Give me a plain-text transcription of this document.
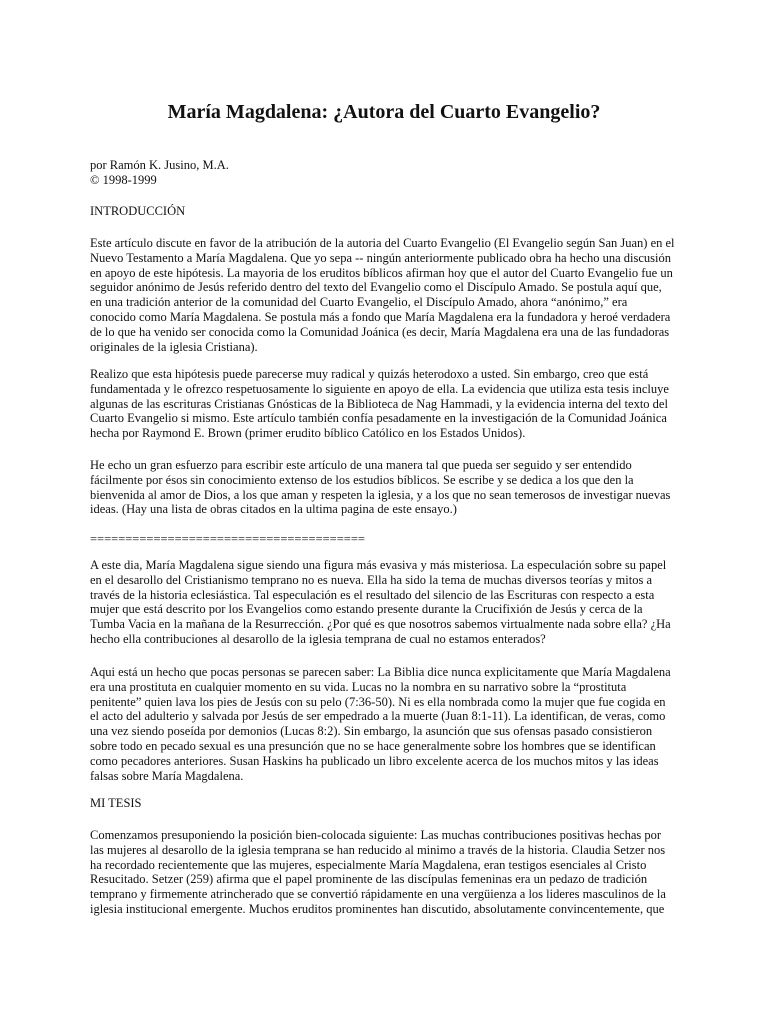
María Magdalena: ¿Autora del Cuarto Evangelio?
por Ramón K. Jusino, M.A.
© 1998-1999
INTRODUCCIÓN
Este artículo discute en favor de la atribución de la autoria del Cuarto Evangelio (El Evangelio según San Juan) en el
Nuevo Testamento a María Magdalena. Que yo sepa -- ningún anteriormente publicado obra ha hecho una discusión
en apoyo de este hipótesis. La mayoria de los eruditos bíblicos afirman hoy que el autor del Cuarto Evangelio fue un
seguidor anónimo de Jesús referido dentro del texto del Evangelio como el Discípulo Amado. Se postula aquí que,
en una tradición anterior de la comunidad del Cuarto Evangelio, el Discípulo Amado, ahora “anónimo,” era
conocido como María Magdalena. Se postula más a fondo que María Magdalena era la fundadora y heroé verdadera
de lo que ha venido ser conocida como la Comunidad Joánica (es decir, María Magdalena era una de las fundadoras
originales de la iglesia Cristiana).
Realizo que esta hipótesis puede parecerse muy radical y quizás heterodoxo a usted. Sin embargo, creo que está
fundamentada y le ofrezco respetuosamente lo siguiente en apoyo de ella. La evidencia que utiliza esta tesis incluye
algunas de las escrituras Cristianas Gnósticas de la Biblioteca de Nag Hammadi, y la evidencia interna del texto del
Cuarto Evangelio si mismo. Este artículo también confía pesadamente en la investigación de la Comunidad Joánica
hecha por Raymond E. Brown (primer erudito bíblico Católico en los Estados Unidos).
He echo un gran esfuerzo para escribir este artículo de una manera tal que pueda ser seguido y ser entendido
fácilmente por ésos sin conocimiento extenso de los estudios bíblicos. Se escribe y se dedica a los que den la
bienvenida al amor de Dios, a los que aman y respeten la iglesia, y a los que no sean temerosos de investigar nuevas
ideas. (Hay una lista de obras citados en la ultima pagina de este ensayo.)
=======================================
A este dia, María Magdalena sigue siendo una figura más evasiva y más misteriosa. La especulación sobre su papel
en el desarollo del Cristianismo temprano no es nueva. Ella ha sido la tema de muchas diversos teorías y mitos a
través de la historia eclesiástica. Tal especulación es el resultado del silencio de las Escrituras con respecto a esta
mujer que está descrito por los Evangelios como estando presente durante la Crucifixión de Jesús y cerca de la
Tumba Vacia en la mañana de la Resurrección. ¿Por qué es que nosotros sabemos virtualmente nada sobre ella? ¿Ha
hecho ella contribuciones al desarollo de la iglesia temprana de cual no estamos enterados?
Aqui está un hecho que pocas personas se parecen saber: La Biblia dice nunca explicitamente que María Magdalena
era una prostituta en cualquier momento en su vida. Lucas no la nombra en su narrativo sobre la “prostituta
penitente” quien lava los pies de Jesús con su pelo (7:36-50). Ni es ella nombrada como la mujer que fue cogida en
el acto del adulterio y salvada por Jesús de ser empedrado a la muerte (Juan 8:1-11). La identifican, de veras, como
una vez siendo poseída por demonios (Lucas 8:2). Sin embargo, la asunción que sus ofensas pasado consistieron
sobre todo en pecado sexual es una presunción que no se hace generalmente sobre los hombres que se identifican
como pecadores anteriores. Susan Haskins ha publicado un libro excelente acerca de los muchos mitos y las ideas
falsas sobre María Magdalena.
MI TESIS
Comenzamos presuponiendo la posición bien-colocada siguiente: Las muchas contribuciones positivas hechas por
las mujeres al desarollo de la iglesia temprana se han reducido al minimo a través de la historia. Claudia Setzer nos
ha recordado recientemente que las mujeres, especialmente María Magdalena, eran testigos esenciales al Cristo
Resucitado. Setzer (259) afirma que el papel prominente de las discípulas femeninas era un pedazo de tradición
temprano y firmemente atrincherado que se convertió rápidamente en una vergüienza a los lideres masculinos de la
iglesia institucional emergente. Muchos eruditos prominentes han discutido, absolutamente convincentemente, que
